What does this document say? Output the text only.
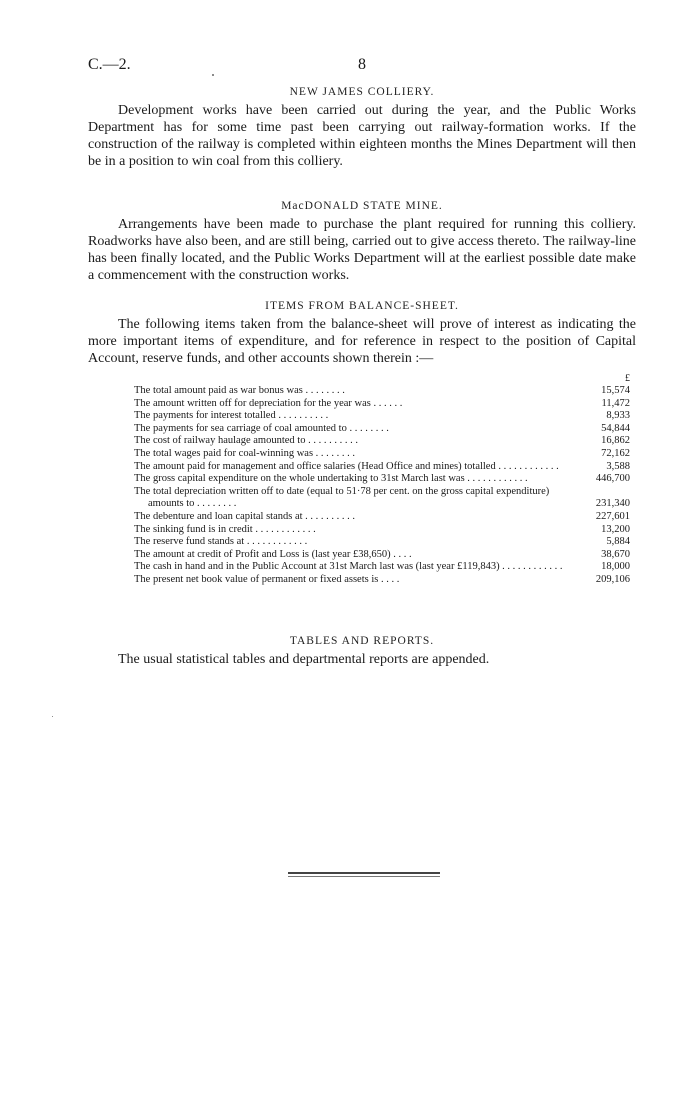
C.—2.	8
NEW JAMES COLLIERY.

Development works have been carried out during the year, and the Public Works Department has for some time past been carrying out railway-formation works. If the construction of the railway is completed within eighteen months the Mines Department will then be in a position to win coal from this colliery.

MacDONALD STATE MINE.

Arrangements have been made to purchase the plant required for running this colliery. Roadworks have also been, and are still being, carried out to give access thereto. The railway-line has been finally located, and the Public Works Department will at the earliest possible date make a commencement with the construction works.

ITEMS FROM BALANCE-SHEET.

The following items taken from the balance-sheet will prove of interest as indicating the more important items of expenditure, and for reference in respect to the position of Capital Account, reserve funds, and other accounts shown therein :—

£
The total amount paid as war bonus was . . . . . . . .	15,574
The amount written off for depreciation for the year was . . . . . .	11,472
The payments for interest totalled . . . . . . . . . .	8,933
The payments for sea carriage of coal amounted to . . . . . . . .	54,844
The cost of railway haulage amounted to . . . . . . . . . .	16,862
The total wages paid for coal-winning was . . . . . . . .	72,162
The amount paid for management and office salaries (Head Office and mines) totalled . . . . . . . . . . . .	3,588
The gross capital expenditure on the whole undertaking to 31st March last was . . . . . . . . . . . .	446,700
The total depreciation written off to date (equal to 51·78 per cent. on the gross capital expenditure) amounts to . . . . . . . .	231,340
The debenture and loan capital stands at . . . . . . . . . .	227,601
The sinking fund is in credit . . . . . . . . . . . .	13,200
The reserve fund stands at . . . . . . . . . . . .	5,884
The amount at credit of Profit and Loss is (last year £38,650) . . . .	38,670
The cash in hand and in the Public Account at 31st March last was (last year £119,843) . . . . . . . . . . . .	18,000
The present net book value of permanent or fixed assets is . . . .	209,106
TABLES AND REPORTS.

The usual statistical tables and departmental reports are appended.
